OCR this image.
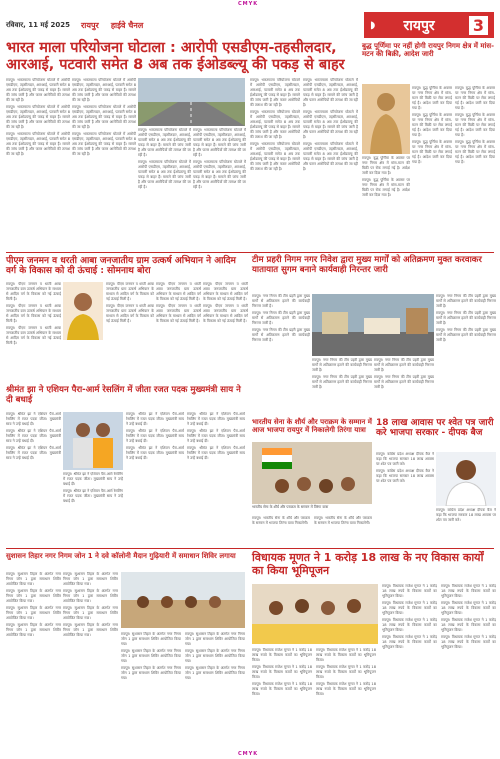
CMYK
रविवार, 11 मई 2025	रायपुर हाईवे चैनल	◗ रायपुर 3
भारत माला परियोजना घोटाला : आरोपी एसडीएम-तहसीलदार, आरआई, पटवारी समेत 8 अब तक ईओडब्ल्यू की पकड़ से बाहर

रायपुर। भारतमाला परियोजना घोटाले में आरोपी एसडीएम, तहसीलदार, आरआई, पटवारी समेत 8 अब तक ईओडब्ल्यू की पकड़ से बाहर हैं। मामले की जांच जारी है और फरार आरोपियों की तलाश की जा रही है।

रायपुर। भारतमाला परियोजना घोटाले में आरोपी एसडीएम, तहसीलदार, आरआई, पटवारी समेत 8 अब तक ईओडब्ल्यू की पकड़ से बाहर हैं। मामले की जांच जारी है और फरार आरोपियों की तलाश की जा रही है।

रायपुर। भारतमाला परियोजना घोटाले में आरोपी एसडीएम, तहसीलदार, आरआई, पटवारी समेत 8 अब तक ईओडब्ल्यू की पकड़ से बाहर हैं। मामले की जांच जारी है और फरार आरोपियों की तलाश की जा रही है।

रायपुर। भारतमाला परियोजना घोटाले में आरोपी एसडीएम, तहसीलदार, आरआई, पटवारी समेत 8 अब तक ईओडब्ल्यू की पकड़ से बाहर हैं। मामले की जांच जारी है और फरार आरोपियों की तलाश की जा रही है।

रायपुर। भारतमाला परियोजना घोटाले में आरोपी एसडीएम, तहसीलदार, आरआई, पटवारी समेत 8 अब तक ईओडब्ल्यू की पकड़ से बाहर हैं। मामले की जांच जारी है और फरार आरोपियों की तलाश की जा रही है।

रायपुर। भारतमाला परियोजना घोटाले में आरोपी एसडीएम, तहसीलदार, आरआई, पटवारी समेत 8 अब तक ईओडब्ल्यू की पकड़ से बाहर हैं। मामले की जांच जारी है और फरार आरोपियों की तलाश की जा रही है।

रायपुर। भारतमाला परियोजना घोटाले में आरोपी एसडीएम, तहसीलदार, आरआई, पटवारी समेत 8 अब तक ईओडब्ल्यू की पकड़ से बाहर हैं। मामले की जांच जारी है और फरार आरोपियों की तलाश की जा रही है।

रायपुर। भारतमाला परियोजना घोटाले में आरोपी एसडीएम, तहसीलदार, आरआई, पटवारी समेत 8 अब तक ईओडब्ल्यू की पकड़ से बाहर हैं। मामले की जांच जारी है और फरार आरोपियों की तलाश की जा रही है।

रायपुर। भारतमाला परियोजना घोटाले में आरोपी एसडीएम, तहसीलदार, आरआई, पटवारी समेत 8 अब तक ईओडब्ल्यू की पकड़ से बाहर हैं। मामले की जांच जारी है और फरार आरोपियों की तलाश की जा रही है।

रायपुर। भारतमाला परियोजना घोटाले में आरोपी एसडीएम, तहसीलदार, आरआई, पटवारी समेत 8 अब तक ईओडब्ल्यू की पकड़ से बाहर हैं। मामले की जांच जारी है और फरार आरोपियों की तलाश की जा रही है।

रायपुर। भारतमाला परियोजना घोटाले में आरोपी एसडीएम, तहसीलदार, आरआई, पटवारी समेत 8 अब तक ईओडब्ल्यू की पकड़ से बाहर हैं। मामले की जांच जारी है और फरार आरोपियों की तलाश की जा रही है।

रायपुर। भारतमाला परियोजना घोटाले में आरोपी एसडीएम, तहसीलदार, आरआई, पटवारी समेत 8 अब तक ईओडब्ल्यू की पकड़ से बाहर हैं। मामले की जांच जारी है और फरार आरोपियों की तलाश की जा रही है।

रायपुर। भारतमाला परियोजना घोटाले में आरोपी एसडीएम, तहसीलदार, आरआई, पटवारी समेत 8 अब तक ईओडब्ल्यू की पकड़ से बाहर हैं। मामले की जांच जारी है और फरार आरोपियों की तलाश की जा रही है।

रायपुर। भारतमाला परियोजना घोटाले में आरोपी एसडीएम, तहसीलदार, आरआई, पटवारी समेत 8 अब तक ईओडब्ल्यू की पकड़ से बाहर हैं। मामले की जांच जारी है और फरार आरोपियों की तलाश की जा रही है।

रायपुर। भारतमाला परियोजना घोटाले में आरोपी एसडीएम, तहसीलदार, आरआई, पटवारी समेत 8 अब तक ईओडब्ल्यू की पकड़ से बाहर हैं। मामले की जांच जारी है और फरार आरोपियों की तलाश की जा रही है।

रायपुर। भारतमाला परियोजना घोटाले में आरोपी एसडीएम, तहसीलदार, आरआई, पटवारी समेत 8 अब तक ईओडब्ल्यू की पकड़ से बाहर हैं। मामले की जांच जारी है और फरार आरोपियों की तलाश की जा रही है।

बुद्ध पूर्णिमा पर नहीं होगी रायपुर निगम क्षेत्र में मांस-मटन की बिक्री, आदेश जारी

रायपुर। बुद्ध पूर्णिमा के अवसर पर नगर निगम क्षेत्र में मांस-मटन की बिक्री पर रोक लगाई गई है। आदेश जारी कर दिया गया है।

रायपुर। बुद्ध पूर्णिमा के अवसर पर नगर निगम क्षेत्र में मांस-मटन की बिक्री पर रोक लगाई गई है। आदेश जारी कर दिया गया है।

रायपुर। बुद्ध पूर्णिमा के अवसर पर नगर निगम क्षेत्र में मांस-मटन की बिक्री पर रोक लगाई गई है। आदेश जारी कर दिया गया है।

रायपुर। बुद्ध पूर्णिमा के अवसर पर नगर निगम क्षेत्र में मांस-मटन की बिक्री पर रोक लगाई गई है। आदेश जारी कर दिया गया है।

रायपुर। बुद्ध पूर्णिमा के अवसर पर नगर निगम क्षेत्र में मांस-मटन की बिक्री पर रोक लगाई गई है। आदेश जारी कर दिया गया है।

रायपुर। बुद्ध पूर्णिमा के अवसर पर नगर निगम क्षेत्र में मांस-मटन की बिक्री पर रोक लगाई गई है। आदेश जारी कर दिया गया है।

रायपुर। बुद्ध पूर्णिमा के अवसर पर नगर निगम क्षेत्र में मांस-मटन की बिक्री पर रोक लगाई गई है। आदेश जारी कर दिया गया है।

रायपुर। बुद्ध पूर्णिमा के अवसर पर नगर निगम क्षेत्र में मांस-मटन की बिक्री पर रोक लगाई गई है। आदेश जारी कर दिया गया है।

पीएम जनमन व धरती आबा जनजातीय ग्राम उत्कर्ष अभियान ने आदिम वर्ग के विकास को दी ऊंचाई : सोमनाथ बोरा

रायपुर। पीएम जनमन व धरती आबा जनजातीय ग्राम उत्कर्ष अभियान के माध्यम से आदिम वर्ग के विकास को नई ऊंचाई मिली है।

रायपुर। पीएम जनमन व धरती आबा जनजातीय ग्राम उत्कर्ष अभियान के माध्यम से आदिम वर्ग के विकास को नई ऊंचाई मिली है।

रायपुर। पीएम जनमन व धरती आबा जनजातीय ग्राम उत्कर्ष अभियान के माध्यम से आदिम वर्ग के विकास को नई ऊंचाई मिली है।

रायपुर। पीएम जनमन व धरती आबा जनजातीय ग्राम उत्कर्ष अभियान के माध्यम से आदिम वर्ग के विकास को नई ऊंचाई मिली है।

रायपुर। पीएम जनमन व धरती आबा जनजातीय ग्राम उत्कर्ष अभियान के माध्यम से आदिम वर्ग के विकास को नई ऊंचाई मिली है।

रायपुर। पीएम जनमन व धरती आबा जनजातीय ग्राम उत्कर्ष अभियान के माध्यम से आदिम वर्ग के विकास को नई ऊंचाई मिली है।

रायपुर। पीएम जनमन व धरती आबा जनजातीय ग्राम उत्कर्ष अभियान के माध्यम से आदिम वर्ग के विकास को नई ऊंचाई मिली है।

रायपुर। पीएम जनमन व धरती आबा जनजातीय ग्राम उत्कर्ष अभियान के माध्यम से आदिम वर्ग के विकास को नई ऊंचाई मिली है।

रायपुर। पीएम जनमन व धरती आबा जनजातीय ग्राम उत्कर्ष अभियान के माध्यम से आदिम वर्ग के विकास को नई ऊंचाई मिली है।

टीम प्रहरी निगम नगर निवेश द्वारा मुख्य मार्गों को अतिक्रमण मुक्त करवाकर यातायात सुगम बनाने कार्यवाही निरन्तर जारी

रायपुर। नगर निगम की टीम प्रहरी द्वारा मुख्य मार्गों से अतिक्रमण हटाने की कार्यवाही निरन्तर जारी है।

रायपुर। नगर निगम की टीम प्रहरी द्वारा मुख्य मार्गों से अतिक्रमण हटाने की कार्यवाही निरन्तर जारी है।

रायपुर। नगर निगम की टीम प्रहरी द्वारा मुख्य मार्गों से अतिक्रमण हटाने की कार्यवाही निरन्तर जारी है।

रायपुर। नगर निगम की टीम प्रहरी द्वारा मुख्य मार्गों से अतिक्रमण हटाने की कार्यवाही निरन्तर जारी है।

रायपुर। नगर निगम की टीम प्रहरी द्वारा मुख्य मार्गों से अतिक्रमण हटाने की कार्यवाही निरन्तर जारी है।

रायपुर। नगर निगम की टीम प्रहरी द्वारा मुख्य मार्गों से अतिक्रमण हटाने की कार्यवाही निरन्तर जारी है।

रायपुर। नगर निगम की टीम प्रहरी द्वारा मुख्य मार्गों से अतिक्रमण हटाने की कार्यवाही निरन्तर जारी है।

रायपुर। नगर निगम की टीम प्रहरी द्वारा मुख्य मार्गों से अतिक्रमण हटाने की कार्यवाही निरन्तर जारी है।

रायपुर। नगर निगम की टीम प्रहरी द्वारा मुख्य मार्गों से अतिक्रमण हटाने की कार्यवाही निरन्तर जारी है।

रायपुर। नगर निगम की टीम प्रहरी द्वारा मुख्य मार्गों से अतिक्रमण हटाने की कार्यवाही निरन्तर जारी है।

श्रीमंत झा ने एशियन पैरा-आर्म रेसलिंग में जीता रजत पदक मुख्यमंत्री साय ने दी बधाई

रायपुर। श्रीमंत झा ने एशियन पैरा-आर्म रेसलिंग में रजत पदक जीता। मुख्यमंत्री साय ने उन्हें बधाई दी।

रायपुर। श्रीमंत झा ने एशियन पैरा-आर्म रेसलिंग में रजत पदक जीता। मुख्यमंत्री साय ने उन्हें बधाई दी।

रायपुर। श्रीमंत झा ने एशियन पैरा-आर्म रेसलिंग में रजत पदक जीता। मुख्यमंत्री साय ने उन्हें बधाई दी।

रायपुर। श्रीमंत झा ने एशियन पैरा-आर्म रेसलिंग में रजत पदक जीता। मुख्यमंत्री साय ने उन्हें बधाई दी।

रायपुर। श्रीमंत झा ने एशियन पैरा-आर्म रेसलिंग में रजत पदक जीता। मुख्यमंत्री साय ने उन्हें बधाई दी।

रायपुर। श्रीमंत झा ने एशियन पैरा-आर्म रेसलिंग में रजत पदक जीता। मुख्यमंत्री साय ने उन्हें बधाई दी।

रायपुर। श्रीमंत झा ने एशियन पैरा-आर्म रेसलिंग में रजत पदक जीता। मुख्यमंत्री साय ने उन्हें बधाई दी।

रायपुर। श्रीमंत झा ने एशियन पैरा-आर्म रेसलिंग में रजत पदक जीता। मुख्यमंत्री साय ने उन्हें बधाई दी।

रायपुर। श्रीमंत झा ने एशियन पैरा-आर्म रेसलिंग में रजत पदक जीता। मुख्यमंत्री साय ने उन्हें बधाई दी।

रायपुर। श्रीमंत झा ने एशियन पैरा-आर्म रेसलिंग में रजत पदक जीता। मुख्यमंत्री साय ने उन्हें बधाई दी।

रायपुर। श्रीमंत झा ने एशियन पैरा-आर्म रेसलिंग में रजत पदक जीता। मुख्यमंत्री साय ने उन्हें बधाई दी।

भारतीय सेना के शौर्य और पराक्रम के सम्मान में आज भाजपा रायपुर में निकालेगी तिरंगा यात्रा
भारतीय सेना के शौर्य और पराक्रम के सम्मान में तिरंगा यात्रा

रायपुर। भारतीय सेना के शौर्य और पराक्रम के सम्मान में भाजपा तिरंगा यात्रा निकालेगी।

रायपुर। भारतीय सेना के शौर्य और पराक्रम के सम्मान में भाजपा तिरंगा यात्रा निकालेगी।

18 लाख आवास पर श्वेत पत्र जारी करे भाजपा सरकार - दीपक बैज

रायपुर। कांग्रेस प्रदेश अध्यक्ष दीपक बैज ने कहा कि भाजपा सरकार 18 लाख आवास पर श्वेत पत्र जारी करे।

रायपुर। कांग्रेस प्रदेश अध्यक्ष दीपक बैज ने कहा कि भाजपा सरकार 18 लाख आवास पर श्वेत पत्र जारी करे।

रायपुर। कांग्रेस प्रदेश अध्यक्ष दीपक बैज ने कहा कि भाजपा सरकार 18 लाख आवास पर श्वेत पत्र जारी करे।

सुशासन तिहार नगर निगम जोन 1 ने दवे कॉलोनी मैदान गुढ़ियारी में समाधान शिविर लगाया

रायपुर। सुशासन तिहार के अंतर्गत नगर निगम जोन 1 द्वारा समाधान शिविर आयोजित किया गया।

रायपुर। सुशासन तिहार के अंतर्गत नगर निगम जोन 1 द्वारा समाधान शिविर आयोजित किया गया।

रायपुर। सुशासन तिहार के अंतर्गत नगर निगम जोन 1 द्वारा समाधान शिविर आयोजित किया गया।

रायपुर। सुशासन तिहार के अंतर्गत नगर निगम जोन 1 द्वारा समाधान शिविर आयोजित किया गया।

रायपुर। सुशासन तिहार के अंतर्गत नगर निगम जोन 1 द्वारा समाधान शिविर आयोजित किया गया।

रायपुर। सुशासन तिहार के अंतर्गत नगर निगम जोन 1 द्वारा समाधान शिविर आयोजित किया गया।

रायपुर। सुशासन तिहार के अंतर्गत नगर निगम जोन 1 द्वारा समाधान शिविर आयोजित किया गया।

रायपुर। सुशासन तिहार के अंतर्गत नगर निगम जोन 1 द्वारा समाधान शिविर आयोजित किया गया।	रायपुर। सुशासन तिहार के अंतर्गत नगर निगम जोन 1 द्वारा समाधान शिविर आयोजित किया गया।

रायपुर। सुशासन तिहार के अंतर्गत नगर निगम जोन 1 द्वारा समाधान शिविर आयोजित किया गया।

रायपुर। सुशासन तिहार के अंतर्गत नगर निगम जोन 1 द्वारा समाधान शिविर आयोजित किया गया।

रायपुर। सुशासन तिहार के अंतर्गत नगर निगम जोन 1 द्वारा समाधान शिविर आयोजित किया गया।

रायपुर। सुशासन तिहार के अंतर्गत नगर निगम जोन 1 द्वारा समाधान शिविर आयोजित किया गया।

रायपुर। सुशासन तिहार के अंतर्गत नगर निगम जोन 1 द्वारा समाधान शिविर आयोजित किया गया।

विधायक मूणत ने 1 करोड़ 18 लाख के नए विकास कार्यों का किया भूमिपूजन

रायपुर। विधायक राजेश मूणत ने 1 करोड़ 18 लाख रुपये के विकास कार्यों का भूमिपूजन किया।

रायपुर। विधायक राजेश मूणत ने 1 करोड़ 18 लाख रुपये के विकास कार्यों का भूमिपूजन किया।

रायपुर। विधायक राजेश मूणत ने 1 करोड़ 18 लाख रुपये के विकास कार्यों का भूमिपूजन किया।

रायपुर। विधायक राजेश मूणत ने 1 करोड़ 18 लाख रुपये के विकास कार्यों का भूमिपूजन किया।

रायपुर। विधायक राजेश मूणत ने 1 करोड़ 18 लाख रुपये के विकास कार्यों का भूमिपूजन किया।

रायपुर। विधायक राजेश मूणत ने 1 करोड़ 18 लाख रुपये के विकास कार्यों का भूमिपूजन किया।

रायपुर। विधायक राजेश मूणत ने 1 करोड़ 18 लाख रुपये के विकास कार्यों का भूमिपूजन किया।

रायपुर। विधायक राजेश मूणत ने 1 करोड़ 18 लाख रुपये के विकास कार्यों का भूमिपूजन किया।

रायपुर। विधायक राजेश मूणत ने 1 करोड़ 18 लाख रुपये के विकास कार्यों का भूमिपूजन किया।

रायपुर। विधायक राजेश मूणत ने 1 करोड़ 18 लाख रुपये के विकास कार्यों का भूमिपूजन किया।

रायपुर। विधायक राजेश मूणत ने 1 करोड़ 18 लाख रुपये के विकास कार्यों का भूमिपूजन किया।

रायपुर। विधायक राजेश मूणत ने 1 करोड़ 18 लाख रुपये के विकास कार्यों का भूमिपूजन किया।

रायपुर। विधायक राजेश मूणत ने 1 करोड़ 18 लाख रुपये के विकास कार्यों का भूमिपूजन किया।

रायपुर। विधायक राजेश मूणत ने 1 करोड़ 18 लाख रुपये के विकास कार्यों का भूमिपूजन किया।

CMYK
